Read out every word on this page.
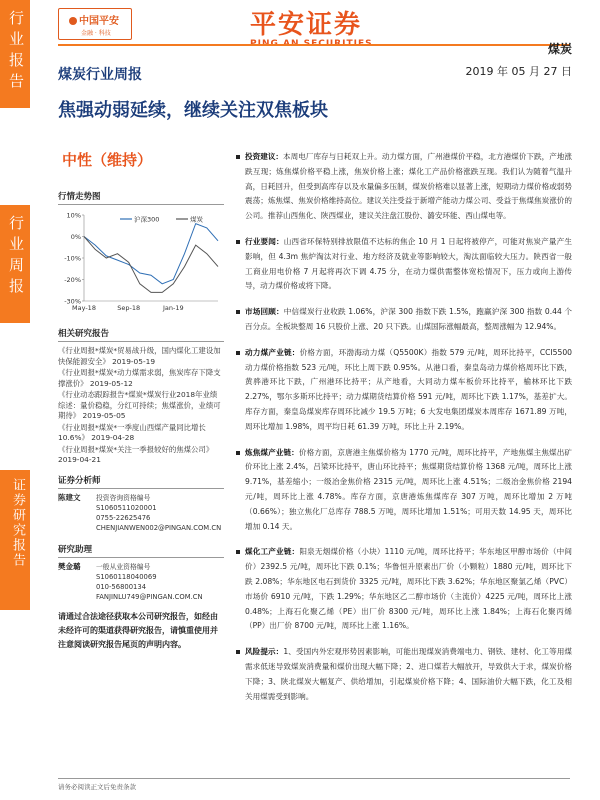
行业报告
行业周报
证券研究报告
中国平安
金融 · 科技	平安证券
煤炭
煤炭行业周报	2019 年 05 月 27 日
焦强动弱延续，继续关注双焦板块
中性（维持）
行情走势图
10%
0%
-10%
-20%
-30%
May-18	Sep-18	Jan-19
沪深300	煤炭
相关研究报告
《行业周报*煤炭*贸易战升级，国内煤化工建设加快保能源安全》 2019-05-19
《行业周报*煤炭*动力煤需求弱，焦炭库存下降支撑涨价》 2019-05-12
《行业动态跟踪报告*煤炭*煤炭行业2018年业绩综述：量价稳稳，分红可持续；焦煤涨价，业绩可期待》 2019-05-05
《行业周报*煤炭*一季度山西煤产量同比增长10.6%》 2019-04-28
《行业周报*煤炭*关注一季报较好的焦煤公司》 2019-04-21
证券分析师
陈建文	投资咨询资格编号
S1060511020001
0755-22625476
CHENJIANWEN002@PINGAN.COM.CN
研究助理
樊金璐	一般从业资格编号
S1060118040069
010-56800134
FANJINLU749@PINGAN.COM.CN
请通过合法途径获取本公司研究报告，如经由未经许可的渠道获得研究报告，请慎重使用并注意阅读研究报告尾页的声明内容。
投资建议：本周电厂库存与日耗双上升。动力煤方面，广州港煤价平稳，北方港煤价下跌，产地涨跌互现；炼焦煤价格平稳上涨，焦炭价格上涨；煤化工产品价格涨跌互现。我们认为随着气温升高，日耗回升，但受到高库存以及水量偏多压制，煤炭价格难以显著上涨，短期动力煤价格或弱势震荡；炼焦煤、焦炭价格维持高位。建议关注受益于新增产能动力煤公司、受益于焦煤焦炭涨价的公司。推荐山西焦化、陕西煤业，建议关注盘江股份、潞安环能、西山煤电等。
行业要闻：山西省环保特别排放限值不达标的焦企 10 月 1 日起将被停产，可能对焦炭产量产生影响，但 4.3m 焦炉淘汰对行业、地方经济及就业等影响较大，淘汰面临较大压力。陕西省一般工商业用电价格 7 月起将再次下调 4.75 分，在动力煤供需整体宽松情况下，压力或向上游传导，动力煤价格或将下降。
市场回顾：中信煤炭行业收跌 1.06%，沪深 300 指数下跌 1.5%，跑赢沪深 300 指数 0.44 个百分点。全板块整周 16 只股价上涨、20 只下跌。山煤国际涨幅最高，整周涨幅为 12.94%。
动力煤产业链：价格方面，环渤海动力煤（Q5500K）指数 579 元/吨，周环比持平，CCI5500 动力煤价格指数 523 元/吨，环比上周下跌 0.95%。从港口看，秦皇岛动力煤价格周环比下跌，黄骅港环比下跌，广州港环比持平；从产地看，大同动力煤车板价环比持平，榆林环比下跌 2.27%，鄂尔多斯环比持平；动力煤期货结算价格 591 元/吨，周环比下跌 1.17%，基差扩大。库存方面，秦皇岛煤炭库存周环比减少 19.5 万吨；6 大发电集团煤炭本周库存 1671.89 万吨，周环比增加 1.98%，周平均日耗 61.39 万吨，环比上升 2.19%。
炼焦煤产业链：价格方面，京唐港主焦煤价格为 1770 元/吨，周环比持平，产地焦煤主焦煤出矿价环比上涨 2.4%，吕梁环比持平，唐山环比持平；焦煤期货结算价格 1368 元/吨，周环比上涨 9.71%，基差缩小；一级冶金焦价格 2315 元/吨，周环比上涨 4.51%；二级冶金焦价格 2194 元/吨，周环比上涨 4.78%。库存方面，京唐港炼焦煤库存 307 万吨，周环比增加 2 万吨（0.66%）；独立焦化厂总库存 788.5 万吨，周环比增加 1.51%；可用天数 14.95 天，周环比增加 0.14 天。
煤化工产业链：阳泉无烟煤价格（小块）1110 元/吨，周环比持平；华东地区甲醇市场价（中间价）2392.5 元/吨，周环比下跌 0.1%；华鲁恒升原素出厂价（小颗粒）1880 元/吨，周环比下跌 2.08%；华东地区电石到货价 3325 元/吨，周环比下跌 3.62%；华东地区聚氯乙烯（PVC）市场价 6910 元/吨，下跌 1.29%；华东地区乙二醇市场价（主流价）4225 元/吨，周环比上涨 0.48%；上海石化聚乙烯（PE）出厂价 8300 元/吨，周环比上涨 1.84%；上海石化聚丙烯（PP）出厂价 8700 元/吨，周环比上涨 1.16%。
风险提示：1、受国内外宏观形势因素影响，可能出现煤炭消费端电力、钢铁、建材、化工等用煤需求低迷导致煤炭消费量和煤价出现大幅下降；2、进口煤若大幅放开，导致供大于求，煤炭价格下降；3、陕北煤炭大幅复产、供给增加，引起煤炭价格下降；4、国际油价大幅下跌，化工及相关用煤需受到影响。
请务必阅读正文后免责条款
